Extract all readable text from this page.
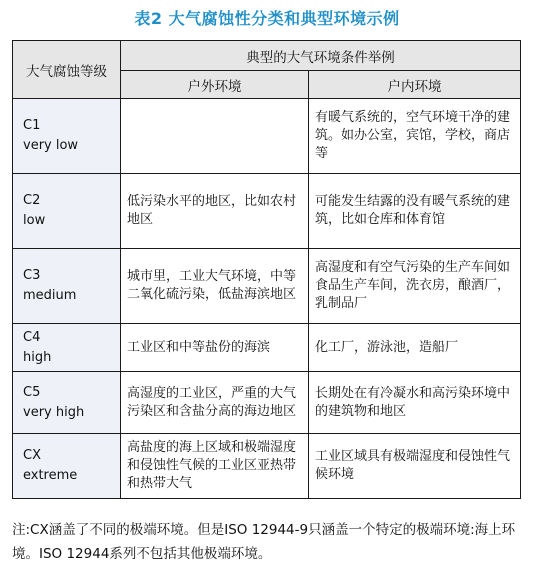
表2 大气腐蚀性分类和典型环境示例
大气腐蚀等级	典型的大气环境条件举例	
	户外环境	户内环境

C1
very low		有暖气系统的，空气环境干净的建筑。如办公室，宾馆，学校，商店等

C2
low	低污染水平的地区，比如农村地区	可能发生结露的没有暖气系统的建筑，比如仓库和体育馆

C3
medium	城市里，工业大气环境，中等二氧化硫污染，低盐海滨地区	高湿度和有空气污染的生产车间如食品生产车间，洗衣房，酿酒厂，乳制品厂

C4
high	工业区和中等盐份的海滨	化工厂，游泳池，造船厂

C5
very high	高湿度的工业区，严重的大气污染区和含盐分高的海边地区	长期处在有冷凝水和高污染环境中的建筑物和地区

CX
extreme	高盐度的海上区域和极端湿度和侵蚀性气候的工业区亚热带和热带大气	工业区域具有极端湿度和侵蚀性气候环境
注:CX涵盖了不同的极端环境。但是ISO 12944-9只涵盖一个特定的极端环境:海上环境。ISO 12944系列不包括其他极端环境。
